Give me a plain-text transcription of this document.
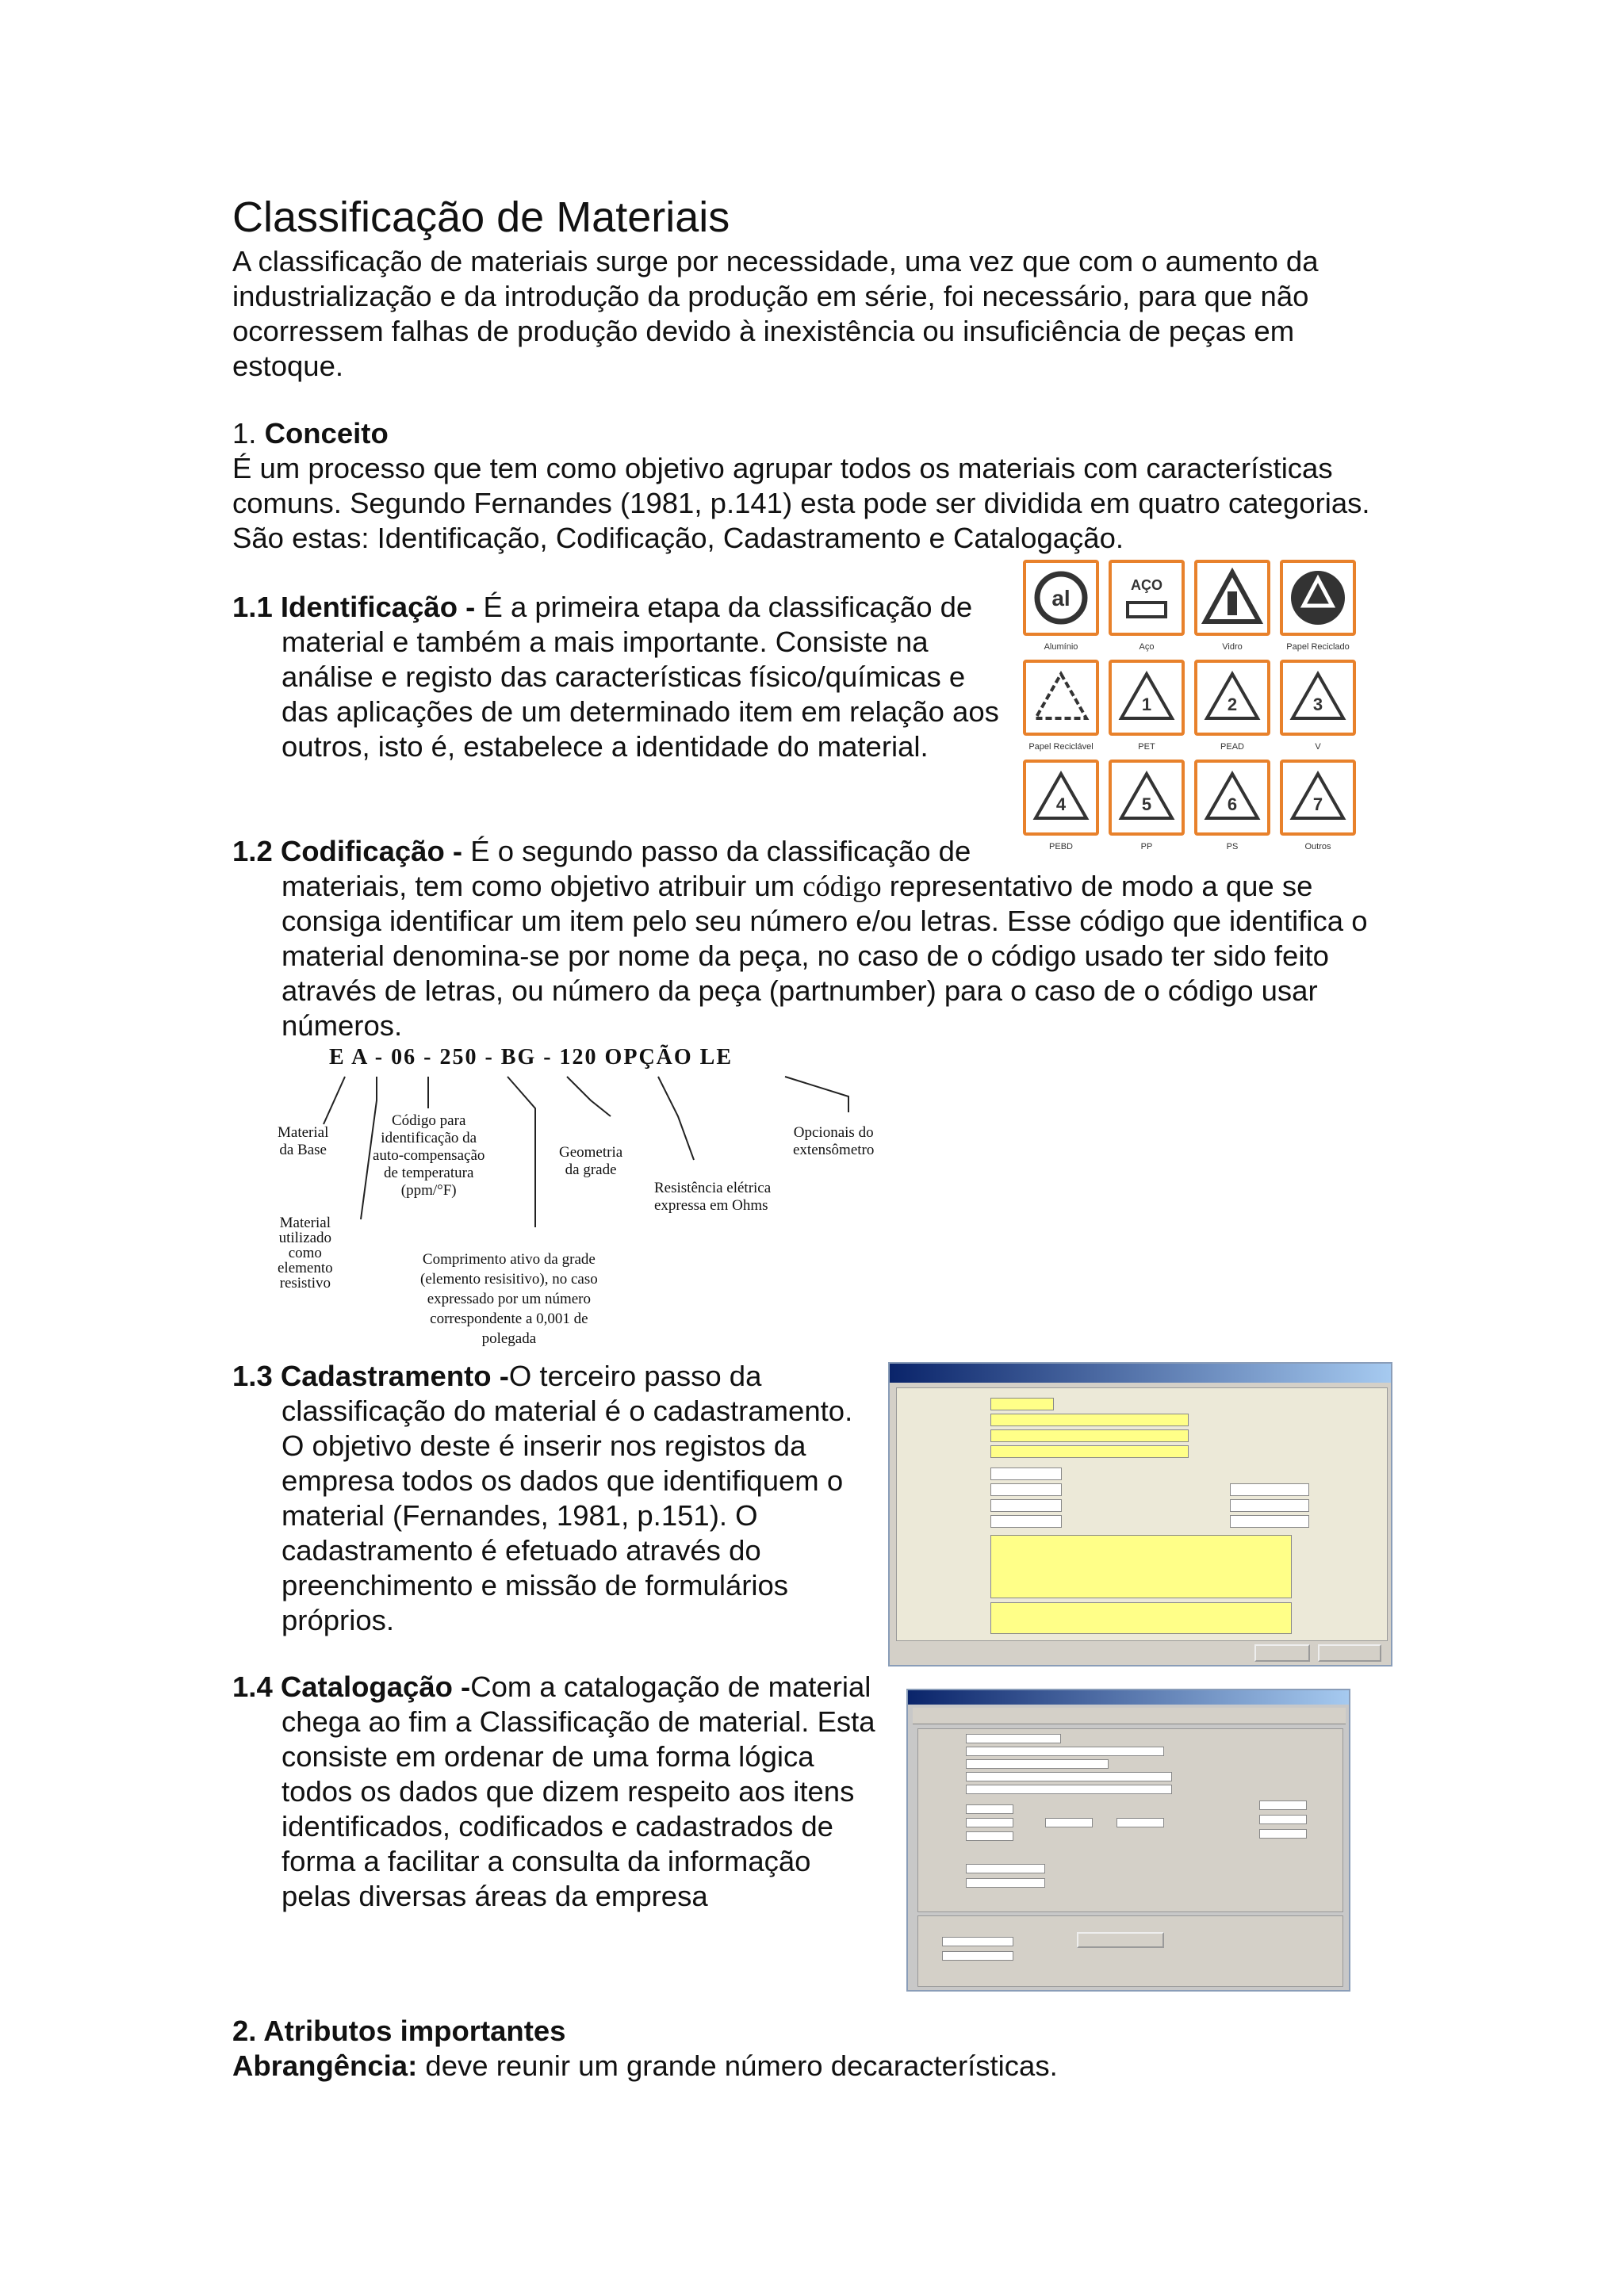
Classificação de Materiais
A classificação de materiais surge por necessidade, uma vez que com o aumento da industrialização e da introdução da produção em série, foi necessário, para que não ocorressem falhas de produção devido à inexistência ou insuficiência de peças em estoque.
1. Conceito
É um processo que tem como objetivo agrupar todos os materiais com características comuns. Segundo Fernandes (1981, p.141) esta pode ser dividida em quatro categorias. São estas: Identificação, Codificação, Cadastramento e Catalogação.
1.1 Identificação - É a primeira etapa da classificação de material e também a mais importante. Consiste na análise e registo das características físico/químicas e das aplicações de um determinado item em relação aos outros, isto é, estabelece a identidade do material.
al
Alumínio
AÇO
Aço	Vidro	Papel Reciclado
Papel Reciclável
1
PET
2
PEAD
3
V
4
PEBD
5
PP
6
PS
7
Outros
1.2 Codificação - É o segundo passo da classificação de
materiais, tem como objetivo atribuir um código representativo de modo a que se consiga identificar um item pelo seu número e/ou letras. Esse código que identifica o material denomina-se por nome da peça, no caso de o código usado ter sido feito através de letras, ou número da peça (partnumber) para o caso de o código usar números.
E A - 06 - 250 - BG - 120 OPÇÃO LE
Material
da Base
Código para
identificação da
auto-compensação
de temperatura
(ppm/°F)
Geometria
da grade
Opcionais do
extensômetro
Resistência elétrica
expressa em Ohms
Material
utilizado
como
elemento
resistivo
Comprimento ativo da grade
(elemento resisitivo), no caso
expressado por um número
correspondente a 0,001 de
polegada
1.3 Cadastramento -O terceiro passo da classificação do material é o cadastramento. O objetivo deste é inserir nos registos da empresa todos os dados que identifiquem o material (Fernandes, 1981, p.151). O cadastramento é efetuado através do preenchimento e missão de formulários próprios.
1.4 Catalogação -Com a catalogação de material chega ao fim a Classificação de material. Esta consiste em ordenar de uma forma lógica todos os dados que dizem respeito aos itens identificados, codificados e cadastrados de forma a facilitar a consulta da informação pelas diversas áreas da empresa
2. Atributos importantes
Abrangência: deve reunir um grande número decaracterísticas.
